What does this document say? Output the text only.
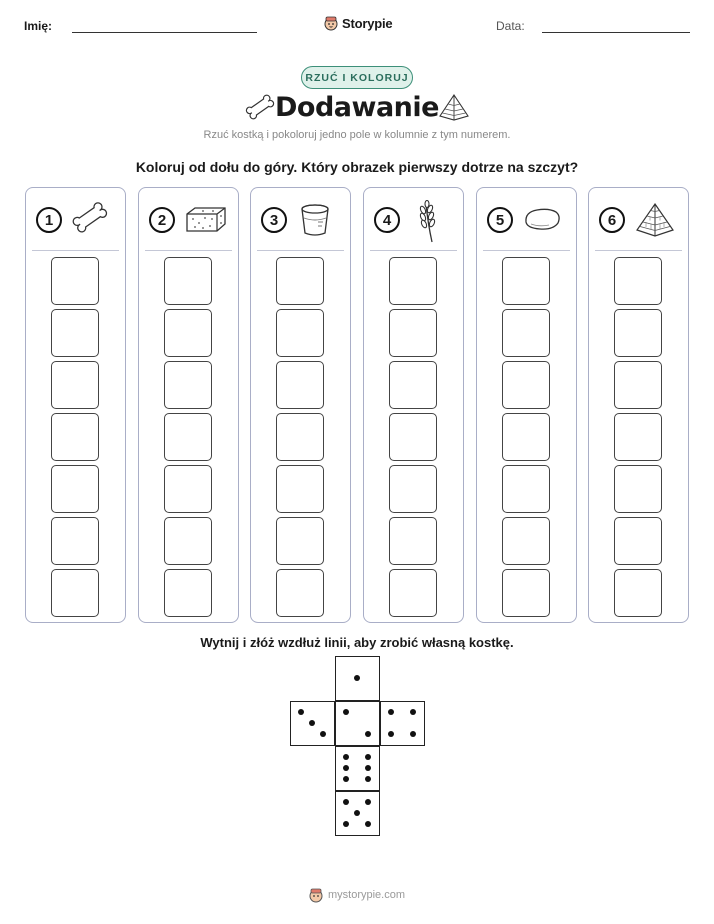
Imię:	Storypie	Data:
RZUĆ I KOLORUJ
Dodawanie
Rzuć kostką i pokoloruj jedno pole w kolumnie z tym numerem.
Koloruj od dołu do góry. Który obrazek pierwszy dotrze na szczyt?
1	2	3	4	5	6
Wytnij i złóż wzdłuż linii, aby zrobić własną kostkę.
mystorypie.com
